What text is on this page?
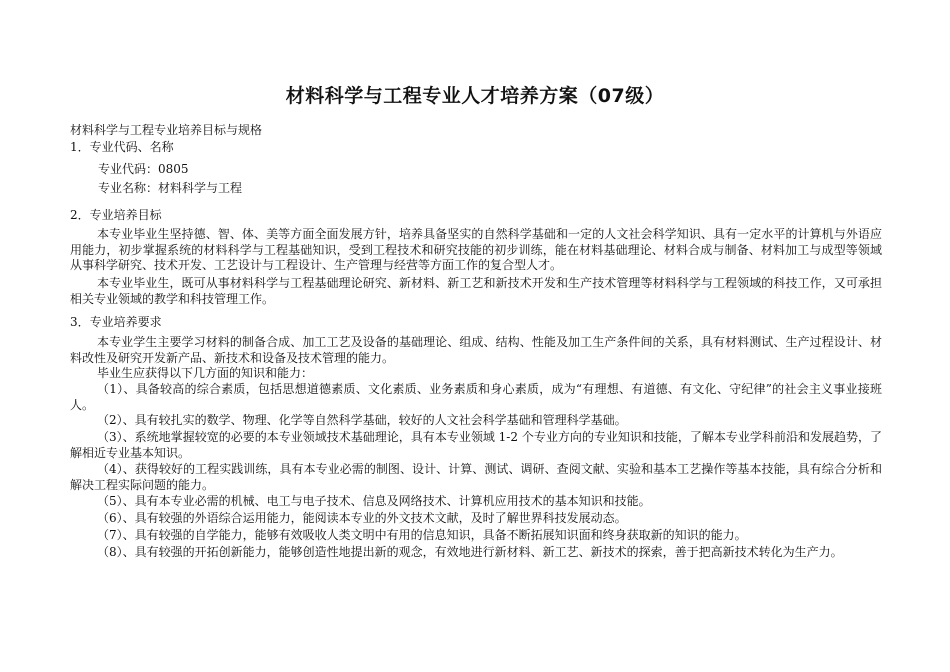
材料科学与工程专业人才培养方案（07级）
材料科学与工程专业培养目标与规格
1．专业代码、名称
专业代码：0805
专业名称：材料科学与工程
2．专业培养目标
本专业毕业生坚持德、智、体、美等方面全面发展方针，培养具备坚实的自然科学基础和一定的人文社会科学知识、具有一定水平的计算机与外语应用能力，初步掌握系统的材料科学与工程基础知识，受到工程技术和研究技能的初步训练，能在材料基础理论、材料合成与制备、材料加工与成型等领域从事科学研究、技术开发、工艺设计与工程设计、生产管理与经营等方面工作的复合型人才。
本专业毕业生，既可从事材料科学与工程基础理论研究、新材料、新工艺和新技术开发和生产技术管理等材料科学与工程领域的科技工作，又可承担相关专业领域的教学和科技管理工作。
3．专业培养要求
本专业学生主要学习材料的制备合成、加工工艺及设备的基础理论、组成、结构、性能及加工生产条件间的关系，具有材料测试、生产过程设计、材料改性及研究开发新产品、新技术和设备及技术管理的能力。
毕业生应获得以下几方面的知识和能力：
（1）、具备较高的综合素质，包括思想道德素质、文化素质、业务素质和身心素质，成为“有理想、有道德、有文化、守纪律”的社会主义事业接班人。
（2）、具有较扎实的数学、物理、化学等自然科学基础，较好的人文社会科学基础和管理科学基础。
（3）、系统地掌握较宽的必要的本专业领域技术基础理论，具有本专业领域 1-2 个专业方向的专业知识和技能，了解本专业学科前沿和发展趋势，了解相近专业基本知识。
（4）、获得较好的工程实践训练，具有本专业必需的制图、设计、计算、测试、调研、查阅文献、实验和基本工艺操作等基本技能，具有综合分析和解决工程实际问题的能力。
（5）、具有本专业必需的机械、电工与电子技术、信息及网络技术、计算机应用技术的基本知识和技能。
（6）、具有较强的外语综合运用能力，能阅读本专业的外文技术文献，及时了解世界科技发展动态。
（7）、具有较强的自学能力，能够有效吸收人类文明中有用的信息知识，具备不断拓展知识面和终身获取新的知识的能力。
（8）、具有较强的开拓创新能力，能够创造性地提出新的观念，有效地进行新材料、新工艺、新技术的探索，善于把高新技术转化为生产力。
